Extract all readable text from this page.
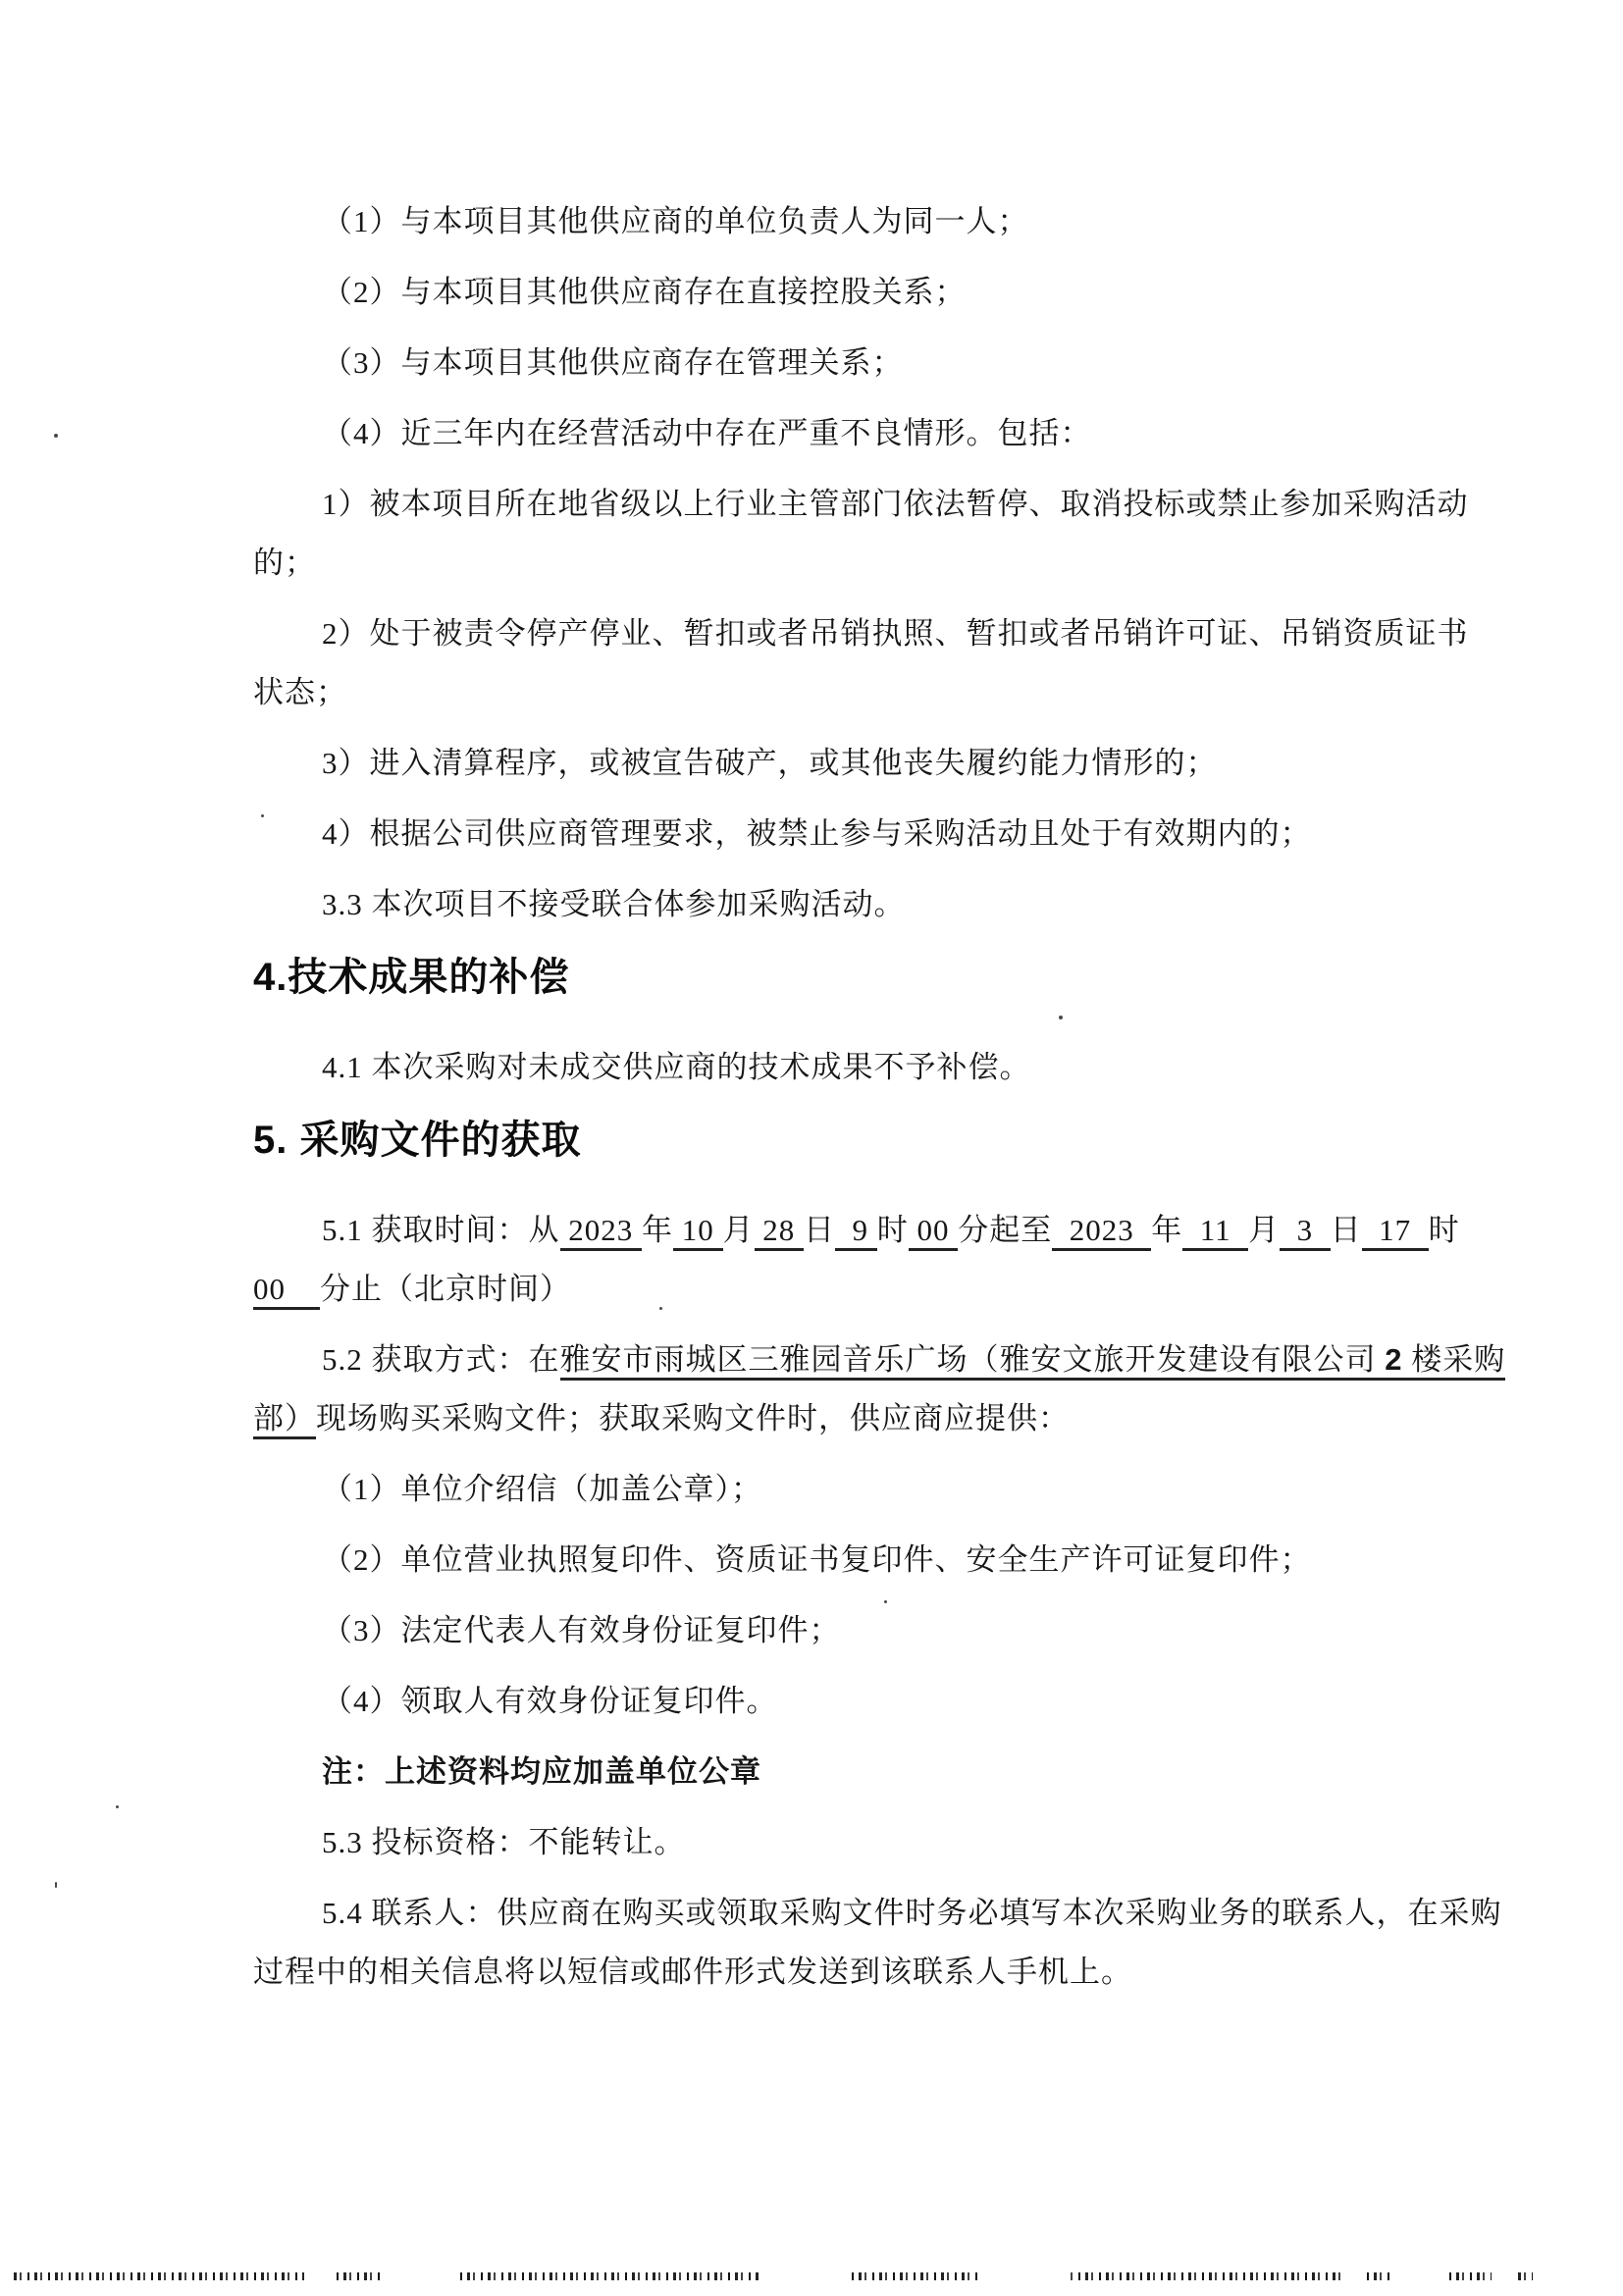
（1）与本项目其他供应商的单位负责人为同一人；

（2）与本项目其他供应商存在直接控股关系；

（3）与本项目其他供应商存在管理关系；

（4）近三年内在经营活动中存在严重不良情形。包括：

1）被本项目所在地省级以上行业主管部门依法暂停、取消投标或禁止参加采购活动
的；

2）处于被责令停产停业、暂扣或者吊销执照、暂扣或者吊销许可证、吊销资质证书
状态；

3）进入清算程序，或被宣告破产，或其他丧失履约能力情形的；

4）根据公司供应商管理要求，被禁止参与采购活动且处于有效期内的；

3.3 本次项目不接受联合体参加采购活动。

4.技术成果的补偿

4.1 本次采购对未成交供应商的技术成果不予补偿。

5. 采购文件的获取

5.1 获取时间：从 2023 年 10 月 28 日  9 时 00 分起至  2023  年  11  月  3  日  17  时
00    分止（北京时间）

5.2 获取方式：在雅安市雨城区三雅园音乐广场（雅安文旅开发建设有限公司 2 楼采购
部）现场购买采购文件；获取采购文件时，供应商应提供：

（1）单位介绍信（加盖公章）；

（2）单位营业执照复印件、资质证书复印件、安全生产许可证复印件；

（3）法定代表人有效身份证复印件；

（4）领取人有效身份证复印件。

注：上述资料均应加盖单位公章

5.3 投标资格：不能转让。

5.4 联系人：供应商在购买或领取采购文件时务必填写本次采购业务的联系人，在采购
过程中的相关信息将以短信或邮件形式发送到该联系人手机上。
